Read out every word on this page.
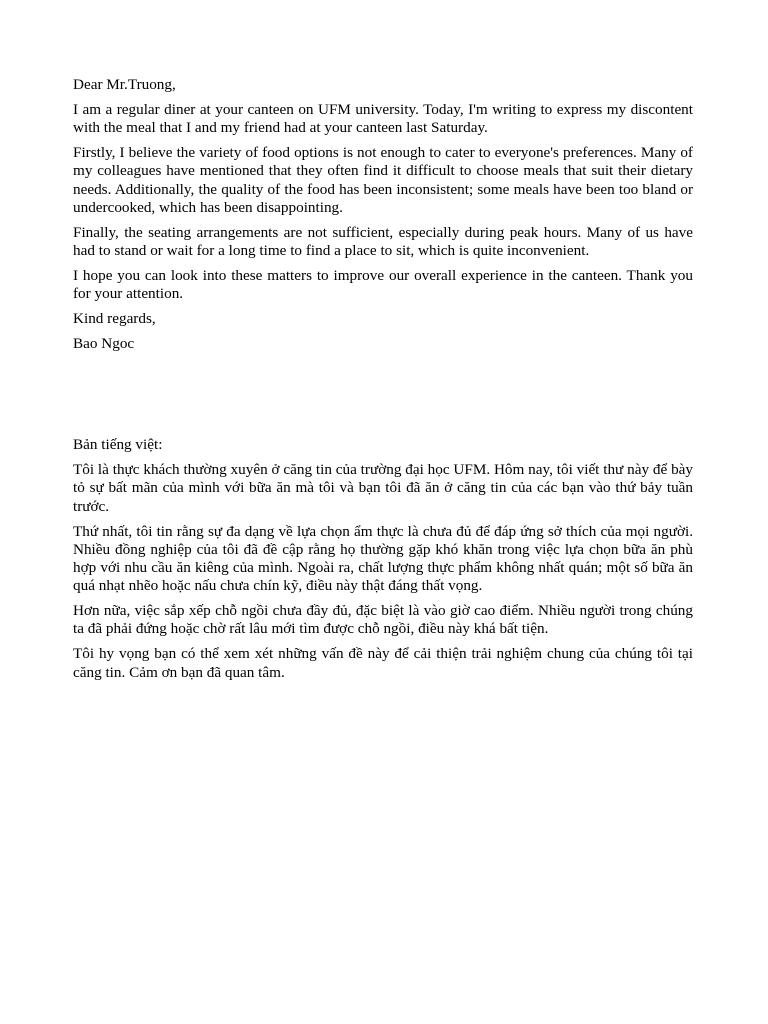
Dear Mr.Truong,

I am a regular diner at your canteen on UFM university. Today, I'm writing to express my discontent with the meal that I and my friend had at your canteen last Saturday.

Firstly, I believe the variety of food options is not enough to cater to everyone's preferences. Many of my colleagues have mentioned that they often find it difficult to choose meals that suit their dietary needs. Additionally, the quality of the food has been inconsistent; some meals have been too bland or undercooked, which has been disappointing.

Finally, the seating arrangements are not sufficient, especially during peak hours. Many of us have had to stand or wait for a long time to find a place to sit, which is quite inconvenient.

I hope you can look into these matters to improve our overall experience in the canteen. Thank you for your attention.

Kind regards,

Bao Ngoc

Bản tiếng việt:

Tôi là thực khách thường xuyên ở căng tin của trường đại học UFM. Hôm nay, tôi viết thư này để bày tỏ sự bất mãn của mình với bữa ăn mà tôi và bạn tôi đã ăn ở căng tin của các bạn vào thứ bảy tuần trước.

Thứ nhất, tôi tin rằng sự đa dạng về lựa chọn ẩm thực là chưa đủ để đáp ứng sở thích của mọi người. Nhiều đồng nghiệp của tôi đã đề cập rằng họ thường gặp khó khăn trong việc lựa chọn bữa ăn phù hợp với nhu cầu ăn kiêng của mình. Ngoài ra, chất lượng thực phẩm không nhất quán; một số bữa ăn quá nhạt nhẽo hoặc nấu chưa chín kỹ, điều này thật đáng thất vọng.

Hơn nữa, việc sắp xếp chỗ ngồi chưa đầy đủ, đặc biệt là vào giờ cao điểm. Nhiều người trong chúng ta đã phải đứng hoặc chờ rất lâu mới tìm được chỗ ngồi, điều này khá bất tiện.

Tôi hy vọng bạn có thể xem xét những vấn đề này để cải thiện trải nghiệm chung của chúng tôi tại căng tin. Cảm ơn bạn đã quan tâm.
